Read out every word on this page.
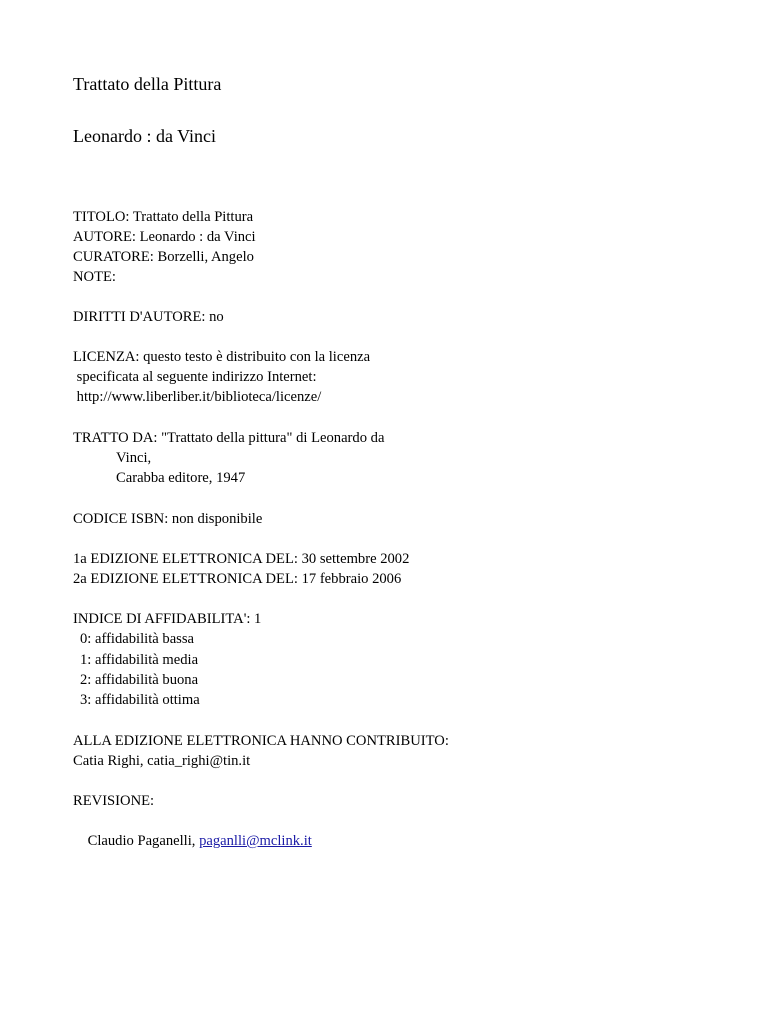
Trattato della Pittura
Leonardo : da Vinci
TITOLO: Trattato della Pittura
AUTORE: Leonardo : da Vinci
CURATORE: Borzelli, Angelo
NOTE:
DIRITTI D'AUTORE: no
LICENZA: questo testo è distribuito con la licenza
specificata al seguente indirizzo Internet:
http://www.liberliber.it/biblioteca/licenze/
TRATTO DA: "Trattato della pittura" di Leonardo da
Vinci,
Carabba editore, 1947
CODICE ISBN: non disponibile
1a EDIZIONE ELETTRONICA DEL: 30 settembre 2002
2a EDIZIONE ELETTRONICA DEL: 17 febbraio 2006
INDICE DI AFFIDABILITA': 1
0: affidabilità bassa
1: affidabilità media
2: affidabilità buona
3: affidabilità ottima
ALLA EDIZIONE ELETTRONICA HANNO CONTRIBUITO:
Catia Righi, catia_righi@tin.it
REVISIONE:

Claudio Paganelli, paganlli@mclink.it
